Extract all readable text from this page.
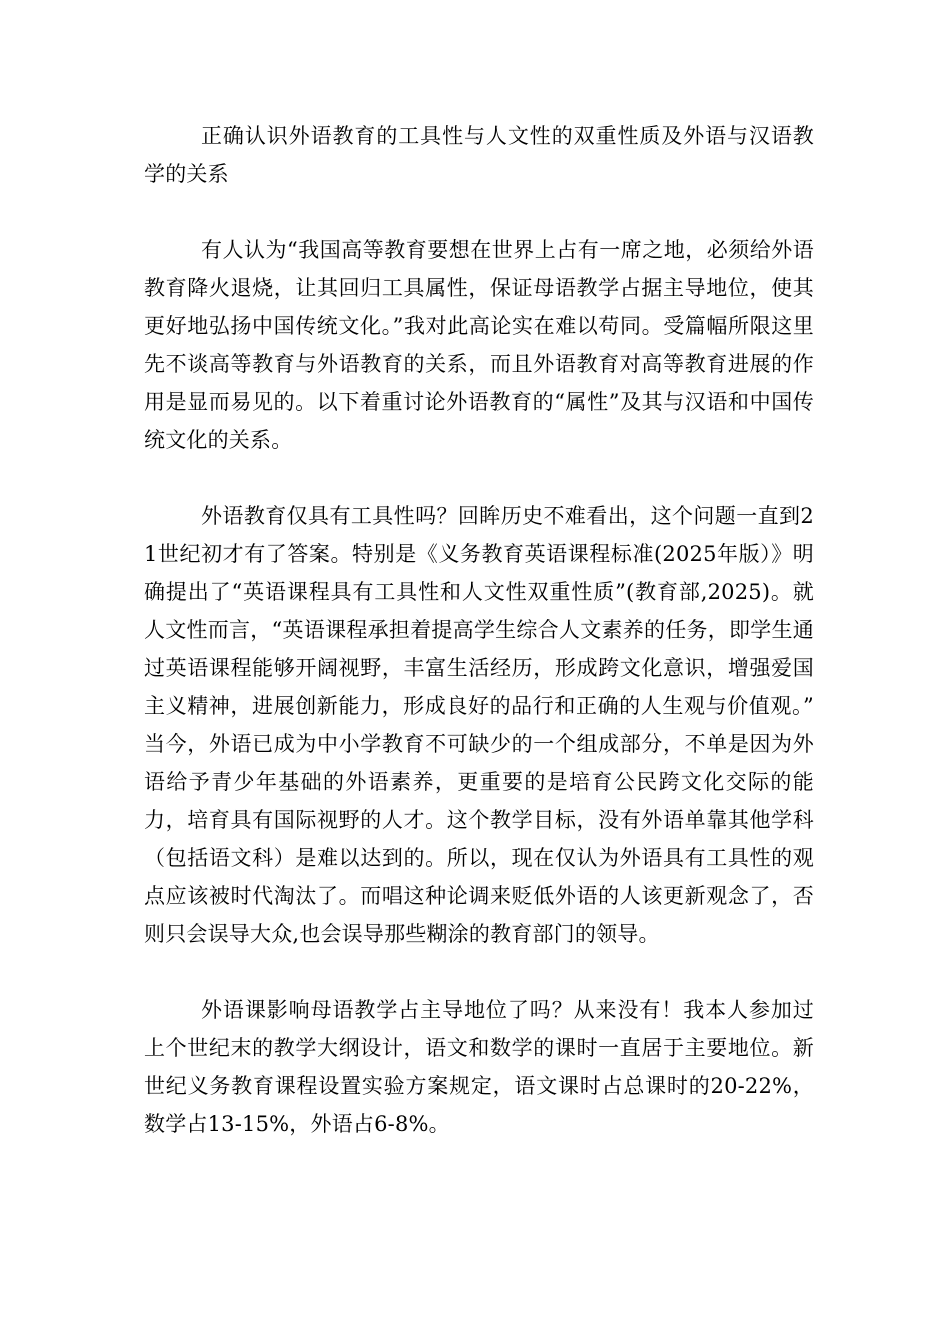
正确认识外语教育的工具性与人文性的双重性质及外语与汉语教学的关系

有人认为“我国高等教育要想在世界上占有一席之地，必须给外语教育降火退烧，让其回归工具属性，保证母语教学占据主导地位，使其更好地弘扬中国传统文化。”我对此高论实在难以苟同。受篇幅所限这里先不谈高等教育与外语教育的关系，而且外语教育对高等教育进展的作用是显而易见的。以下着重讨论外语教育的“属性”及其与汉语和中国传统文化的关系。

外语教育仅具有工具性吗？回眸历史不难看出，这个问题一直到21世纪初才有了答案。特别是《义务教育英语课程标准(2025年版）》明确提出了“英语课程具有工具性和人文性双重性质”(教育部,2025)。就人文性而言，“英语课程承担着提高学生综合人文素养的任务，即学生通过英语课程能够开阔视野，丰富生活经历，形成跨文化意识，增强爱国主义精神，进展创新能力，形成良好的品行和正确的人生观与价值观。” 当今，外语已成为中小学教育不可缺少的一个组成部分，不单是因为外语给予青少年基础的外语素养，更重要的是培育公民跨文化交际的能力，培育具有国际视野的人才。这个教学目标，没有外语单靠其他学科（包括语文科）是难以达到的。所以，现在仅认为外语具有工具性的观点应该被时代淘汰了。而唱这种论调来贬低外语的人该更新观念了，否则只会误导大众,也会误导那些糊涂的教育部门的领导。

外语课影响母语教学占主导地位了吗？从来没有！我本人参加过上个世纪末的教学大纲设计，语文和数学的课时一直居于主要地位。新世纪义务教育课程设置实验方案规定，语文课时占总课时的20-22%，数学占13-15%，外语占6-8%。
